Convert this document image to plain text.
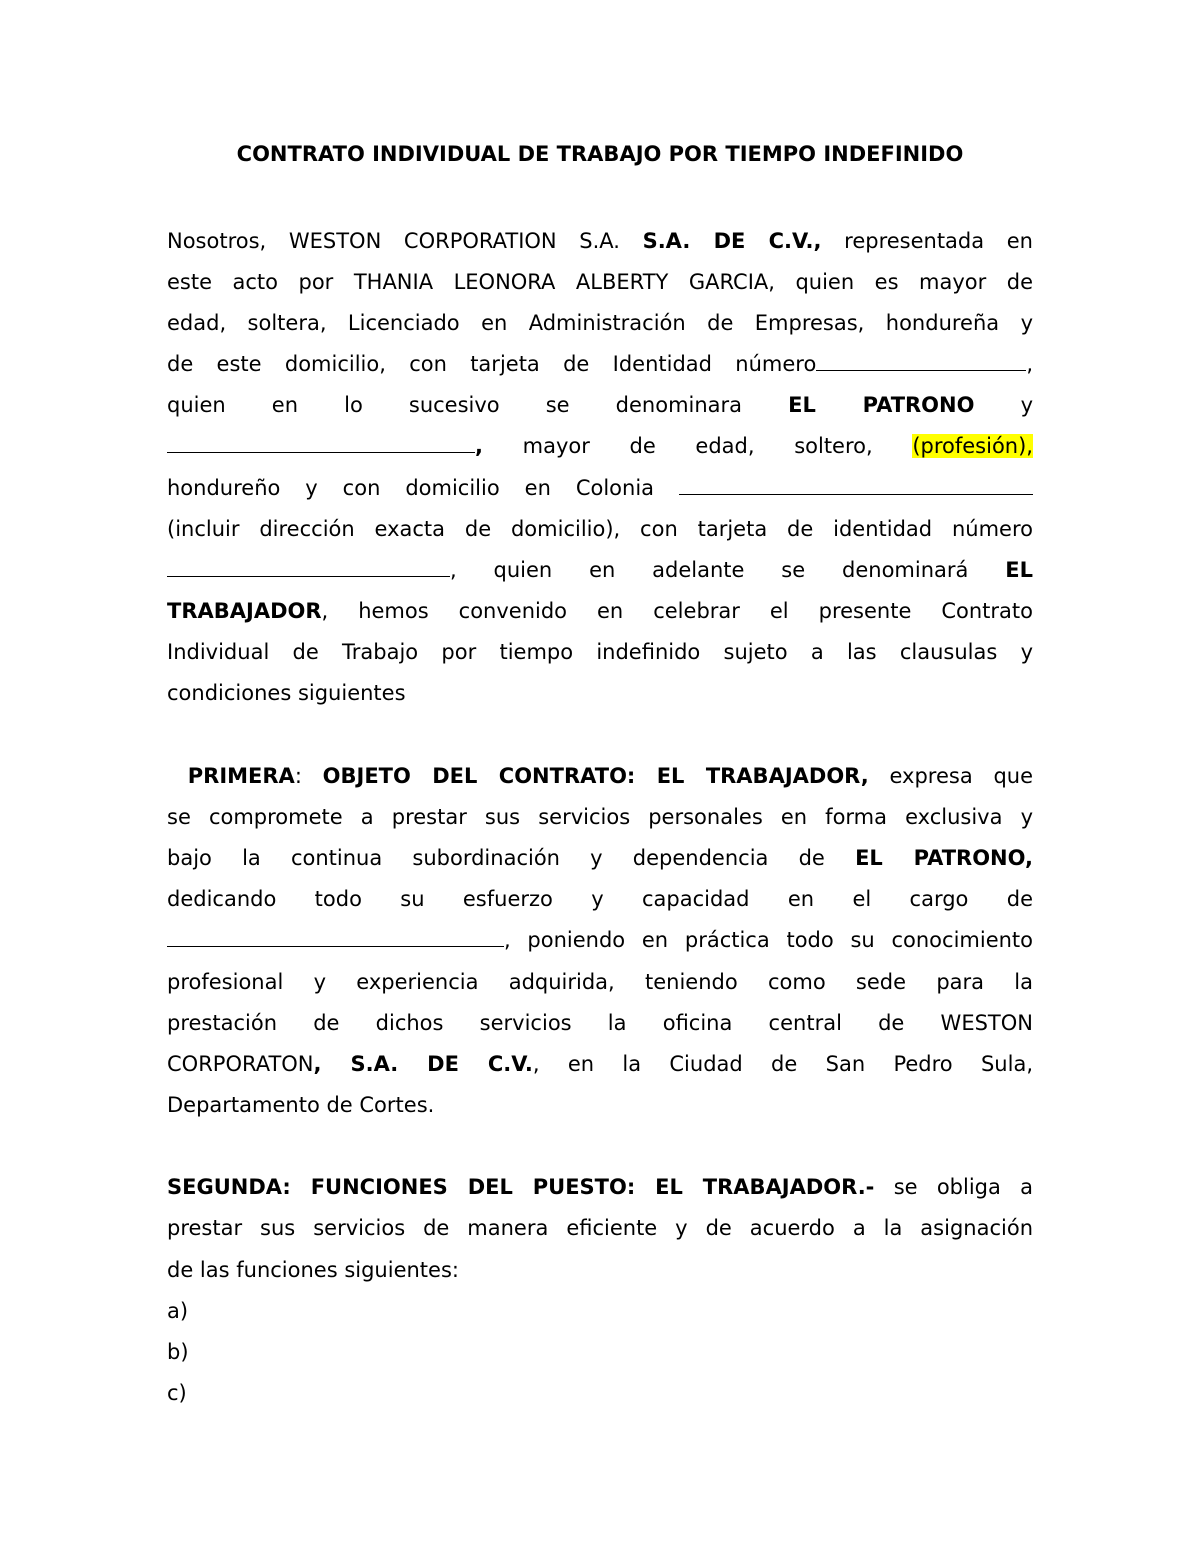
CONTRATO INDIVIDUAL DE TRABAJO POR TIEMPO INDEFINIDO
Nosotros, WESTON CORPORATION S.A. S.A. DE C.V., representada en
este acto por THANIA LEONORA ALBERTY GARCIA, quien es mayor de
edad, soltera, Licenciado en Administración de Empresas, hondureña y
de este domicilio, con tarjeta de Identidad número	,
quien en lo sucesivo se denominara EL PATRONO y
, mayor de edad, soltero, (profesión),
hondureño y con domicilio en Colonia
(incluir dirección exacta de domicilio), con tarjeta de identidad número
, quien en adelante se denominará EL
TRABAJADOR, hemos convenido en celebrar el presente Contrato
Individual de Trabajo por tiempo indefinido sujeto a las clausulas y
condiciones siguientes
PRIMERA: OBJETO DEL CONTRATO: EL TRABAJADOR, expresa que
se compromete a prestar sus servicios personales en forma exclusiva y
bajo la continua subordinación y dependencia de EL PATRONO,
dedicando todo su esfuerzo y capacidad en el cargo de
, poniendo en práctica todo su conocimiento
profesional y experiencia adquirida, teniendo como sede para la
prestación de dichos servicios la oficina central de WESTON
CORPORATON, S.A. DE C.V., en la Ciudad de San Pedro Sula,
Departamento de Cortes.
SEGUNDA: FUNCIONES DEL PUESTO: EL TRABAJADOR.- se obliga a
prestar sus servicios de manera eficiente y de acuerdo a la asignación
de las funciones siguientes:
a)
b)
c)
